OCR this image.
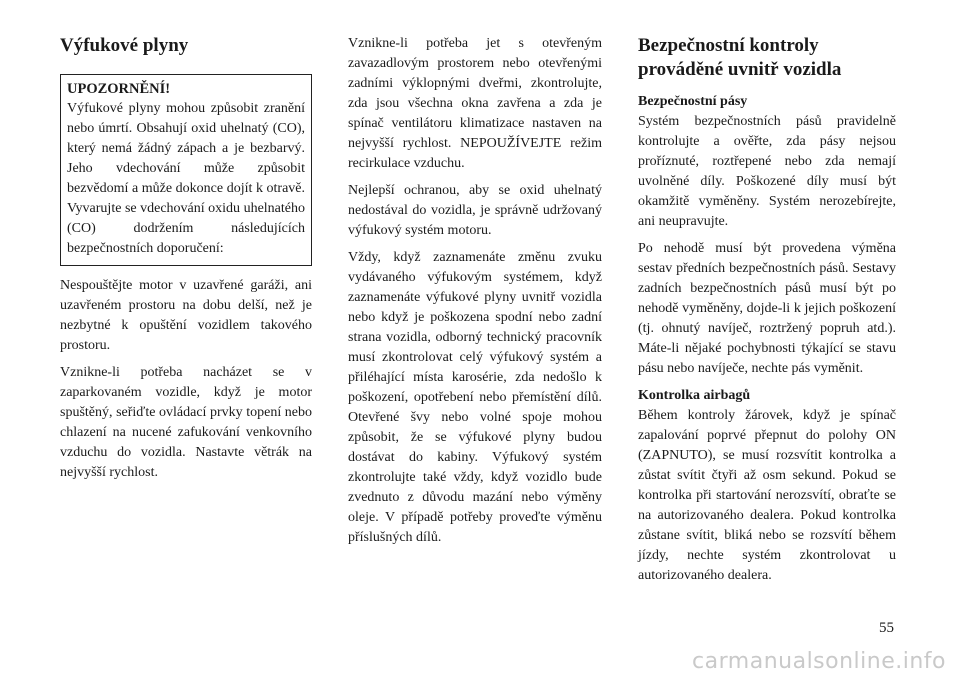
Výfukové plyny
UPOZORNĚNÍ!

Výfukové plyny mohou způsobit zranění nebo úmrtí. Obsahují oxid uhelnatý (CO), který nemá žádný zápach a je bezbarvý. Jeho vdechování může způsobit bezvědomí a může dokonce dojít k otravě. Vyvarujte se vdechování oxidu uhelnatého (CO) dodržením následujících bezpečnostních doporučení:

Nespouštějte motor v uzavřené garáži, ani uzavřeném prostoru na dobu delší, než je nezbytné k opuštění vozidlem takového prostoru.

Vznikne-li potřeba nacházet se v zaparkovaném vozidle, když je motor spuštěný, seřiďte ovládací prvky topení nebo chlazení na nucené zafukování venkovního vzduchu do vozidla. Nastavte větrák na nejvyšší rychlost.

Vznikne-li potřeba jet s otevřeným zavazadlovým prostorem nebo otevřenými zadními výklopnými dveřmi, zkontrolujte, zda jsou všechna okna zavřena a zda je spínač ventilátoru klimatizace nastaven na nejvyšší rychlost. NEPOUŽÍVEJTE režim recirkulace vzduchu.

Nejlepší ochranou, aby se oxid uhelnatý nedostával do vozidla, je správně udržovaný výfukový systém motoru.

Vždy, když zaznamenáte změnu zvuku vydávaného výfukovým systémem, když zaznamenáte výfukové plyny uvnitř vozidla nebo když je poškozena spodní nebo zadní strana vozidla, odborný technický pracovník musí zkontrolovat celý výfukový systém a přiléhající místa karosérie, zda nedošlo k poškození, opotřebení nebo přemístění dílů. Otevřené švy nebo volné spoje mohou způsobit, že se výfukové plyny budou dostávat do kabiny. Výfukový systém zkontrolujte také vždy, když vozidlo bude zvednuto z důvodu mazání nebo výměny oleje. V případě potřeby proveďte výměnu příslušných dílů.

Bezpečnostní kontroly prováděné uvnitř vozidla
Bezpečnostní pásy

Systém bezpečnostních pásů pravidelně kontrolujte a ověřte, zda pásy nejsou proříznuté, roztřepené nebo zda nemají uvolněné díly. Poškozené díly musí být okamžitě vyměněny. Systém nerozebírejte, ani neupravujte.

Po nehodě musí být provedena výměna sestav předních bezpečnostních pásů. Sestavy zadních bezpečnostních pásů musí být po nehodě vyměněny, dojde-li k jejich poškození (tj. ohnutý navíječ, roztržený popruh atd.). Máte-li nějaké pochybnosti týkající se stavu pásu nebo navíječe, nechte pás vyměnit.

Kontrolka airbagů

Během kontroly žárovek, když je spínač zapalování poprvé přepnut do polohy ON (ZAPNUTO), se musí rozsvítit kontrolka a zůstat svítit čtyři až osm sekund. Pokud se kontrolka při startování nerozsvítí, obraťte se na autorizovaného dealera. Pokud kontrolka zůstane svítit, bliká nebo se rozsvítí během jízdy, nechte systém zkontrolovat u autorizovaného dealera.

55
carmanualsonline.info
